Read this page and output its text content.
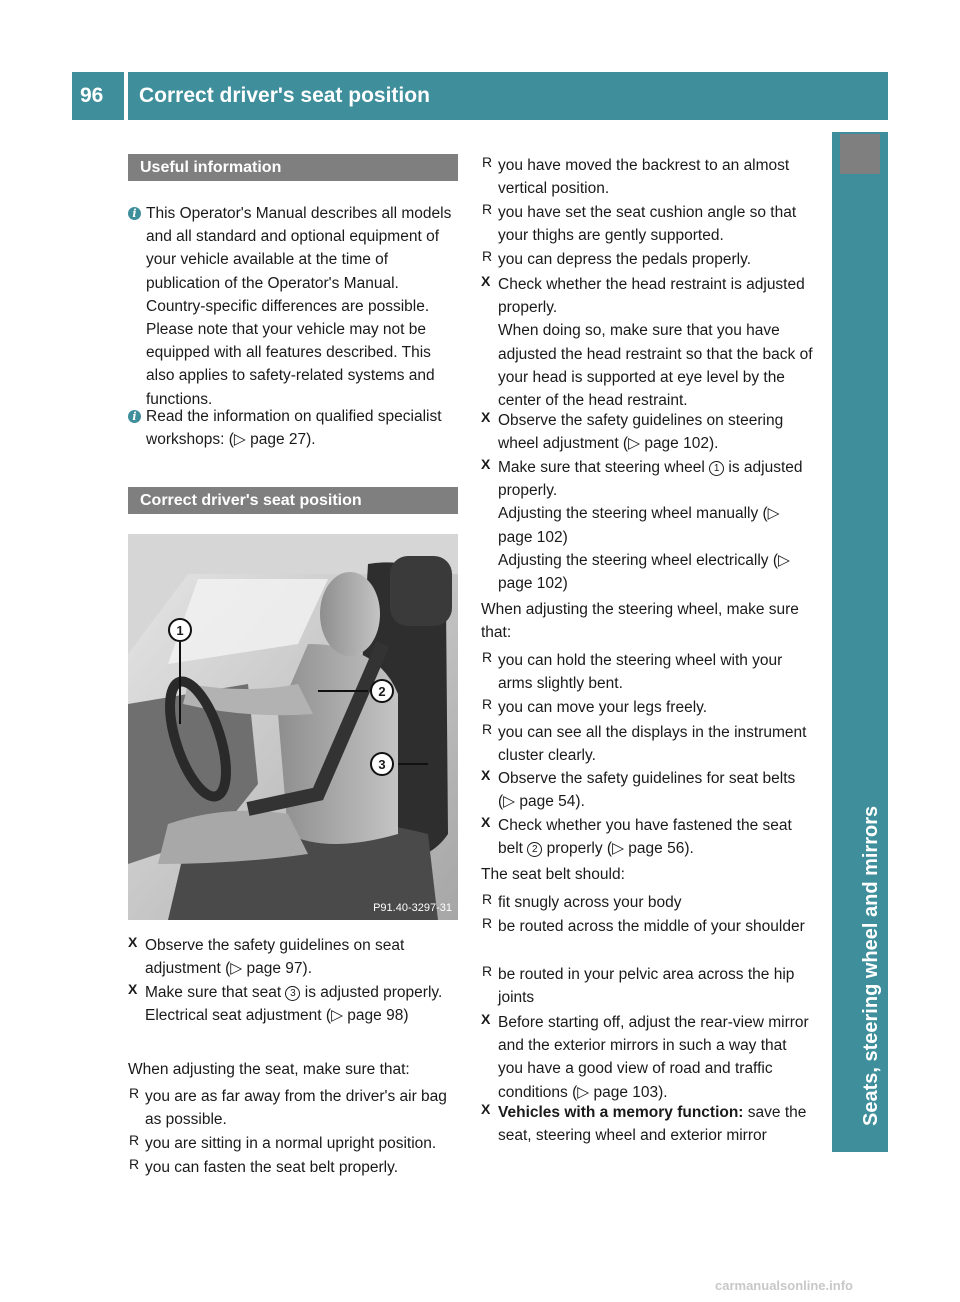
96	Correct driver's seat position
Seats, steering wheel and mirrors
Useful information
i This Operator's Manual describes all models and all standard and optional equipment of your vehicle available at the time of publication of the Operator's Manual. Country-specific differences are possible. Please note that your vehicle may not be equipped with all features described. This also applies to safety-related systems and functions.

i Read the information on qualified specialist workshops: (▷ page 27).

Correct driver's seat position
1
2
3
P91.40-3297-31
X Observe the safety guidelines on seat adjustment (▷ page 97).

X Make sure that seat 3 is adjusted properly.

Electrical seat adjustment (▷ page 98)

When adjusting the seat, make sure that:

R you are as far away from the driver's air bag as possible.

R you are sitting in a normal upright position.

R you can fasten the seat belt properly.

R you have moved the backrest to an almost vertical position.

R you have set the seat cushion angle so that your thighs are gently supported.

R you can depress the pedals properly.

X Check whether the head restraint is adjusted properly.

When doing so, make sure that you have adjusted the head restraint so that the back of your head is supported at eye level by the center of the head restraint.

X Observe the safety guidelines on steering wheel adjustment (▷ page 102).

X Make sure that steering wheel 1 is adjusted properly.

Adjusting the steering wheel manually (▷ page 102)

Adjusting the steering wheel electrically (▷ page 102)

When adjusting the steering wheel, make sure that:

R you can hold the steering wheel with your arms slightly bent.

R you can move your legs freely.

R you can see all the displays in the instrument cluster clearly.

X Observe the safety guidelines for seat belts (▷ page 54).

X Check whether you have fastened the seat belt 2 properly (▷ page 56).

The seat belt should:

R fit snugly across your body

R be routed across the middle of your shoulder

R be routed in your pelvic area across the hip joints

X Before starting off, adjust the rear-view mirror and the exterior mirrors in such a way that you have a good view of road and traffic conditions (▷ page 103).

X Vehicles with a memory function: save the seat, steering wheel and exterior mirror

carmanualsonline.info
